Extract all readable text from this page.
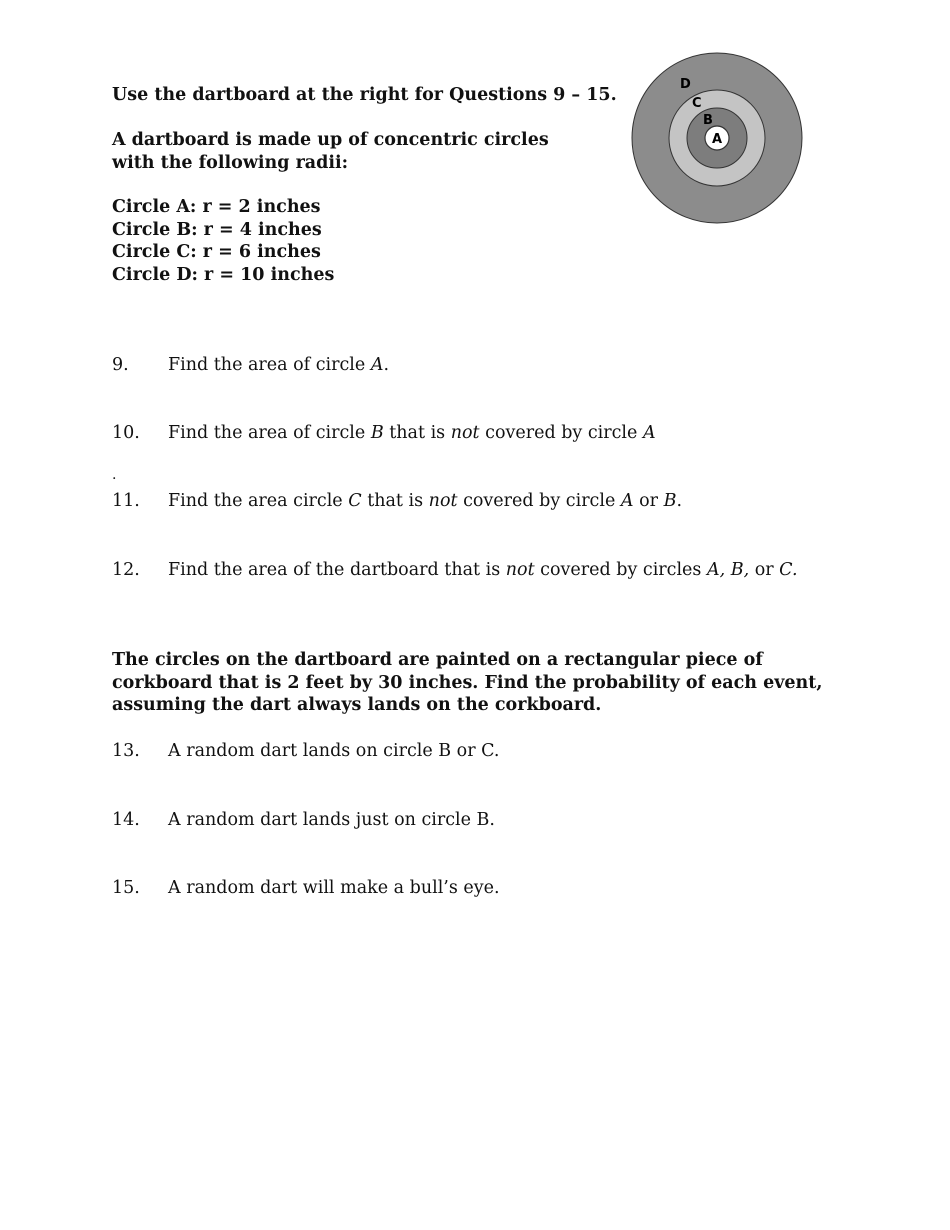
Use the dartboard at the right for Questions 9 – 15.
A dartboard is made up of concentric circles with the following radii:
Circle A: r = 2 inches
Circle B: r = 4 inches
Circle C: r = 6 inches
Circle D: r = 10 inches
D
C
B
A
9. Find the area of circle A.
10. Find the area of circle B that is not covered by circle A
.
11. Find the area circle C that is not covered by circle A or B.
12. Find the area of the dartboard that is not covered by circles A, B, or C.
The circles on the dartboard are painted on a rectangular piece of corkboard that is 2 feet by 30 inches. Find the probability of each event, assuming the dart always lands on the corkboard.
13. A random dart lands on circle B or C.
14. A random dart lands just on circle B.
15. A random dart will make a bull’s eye.
